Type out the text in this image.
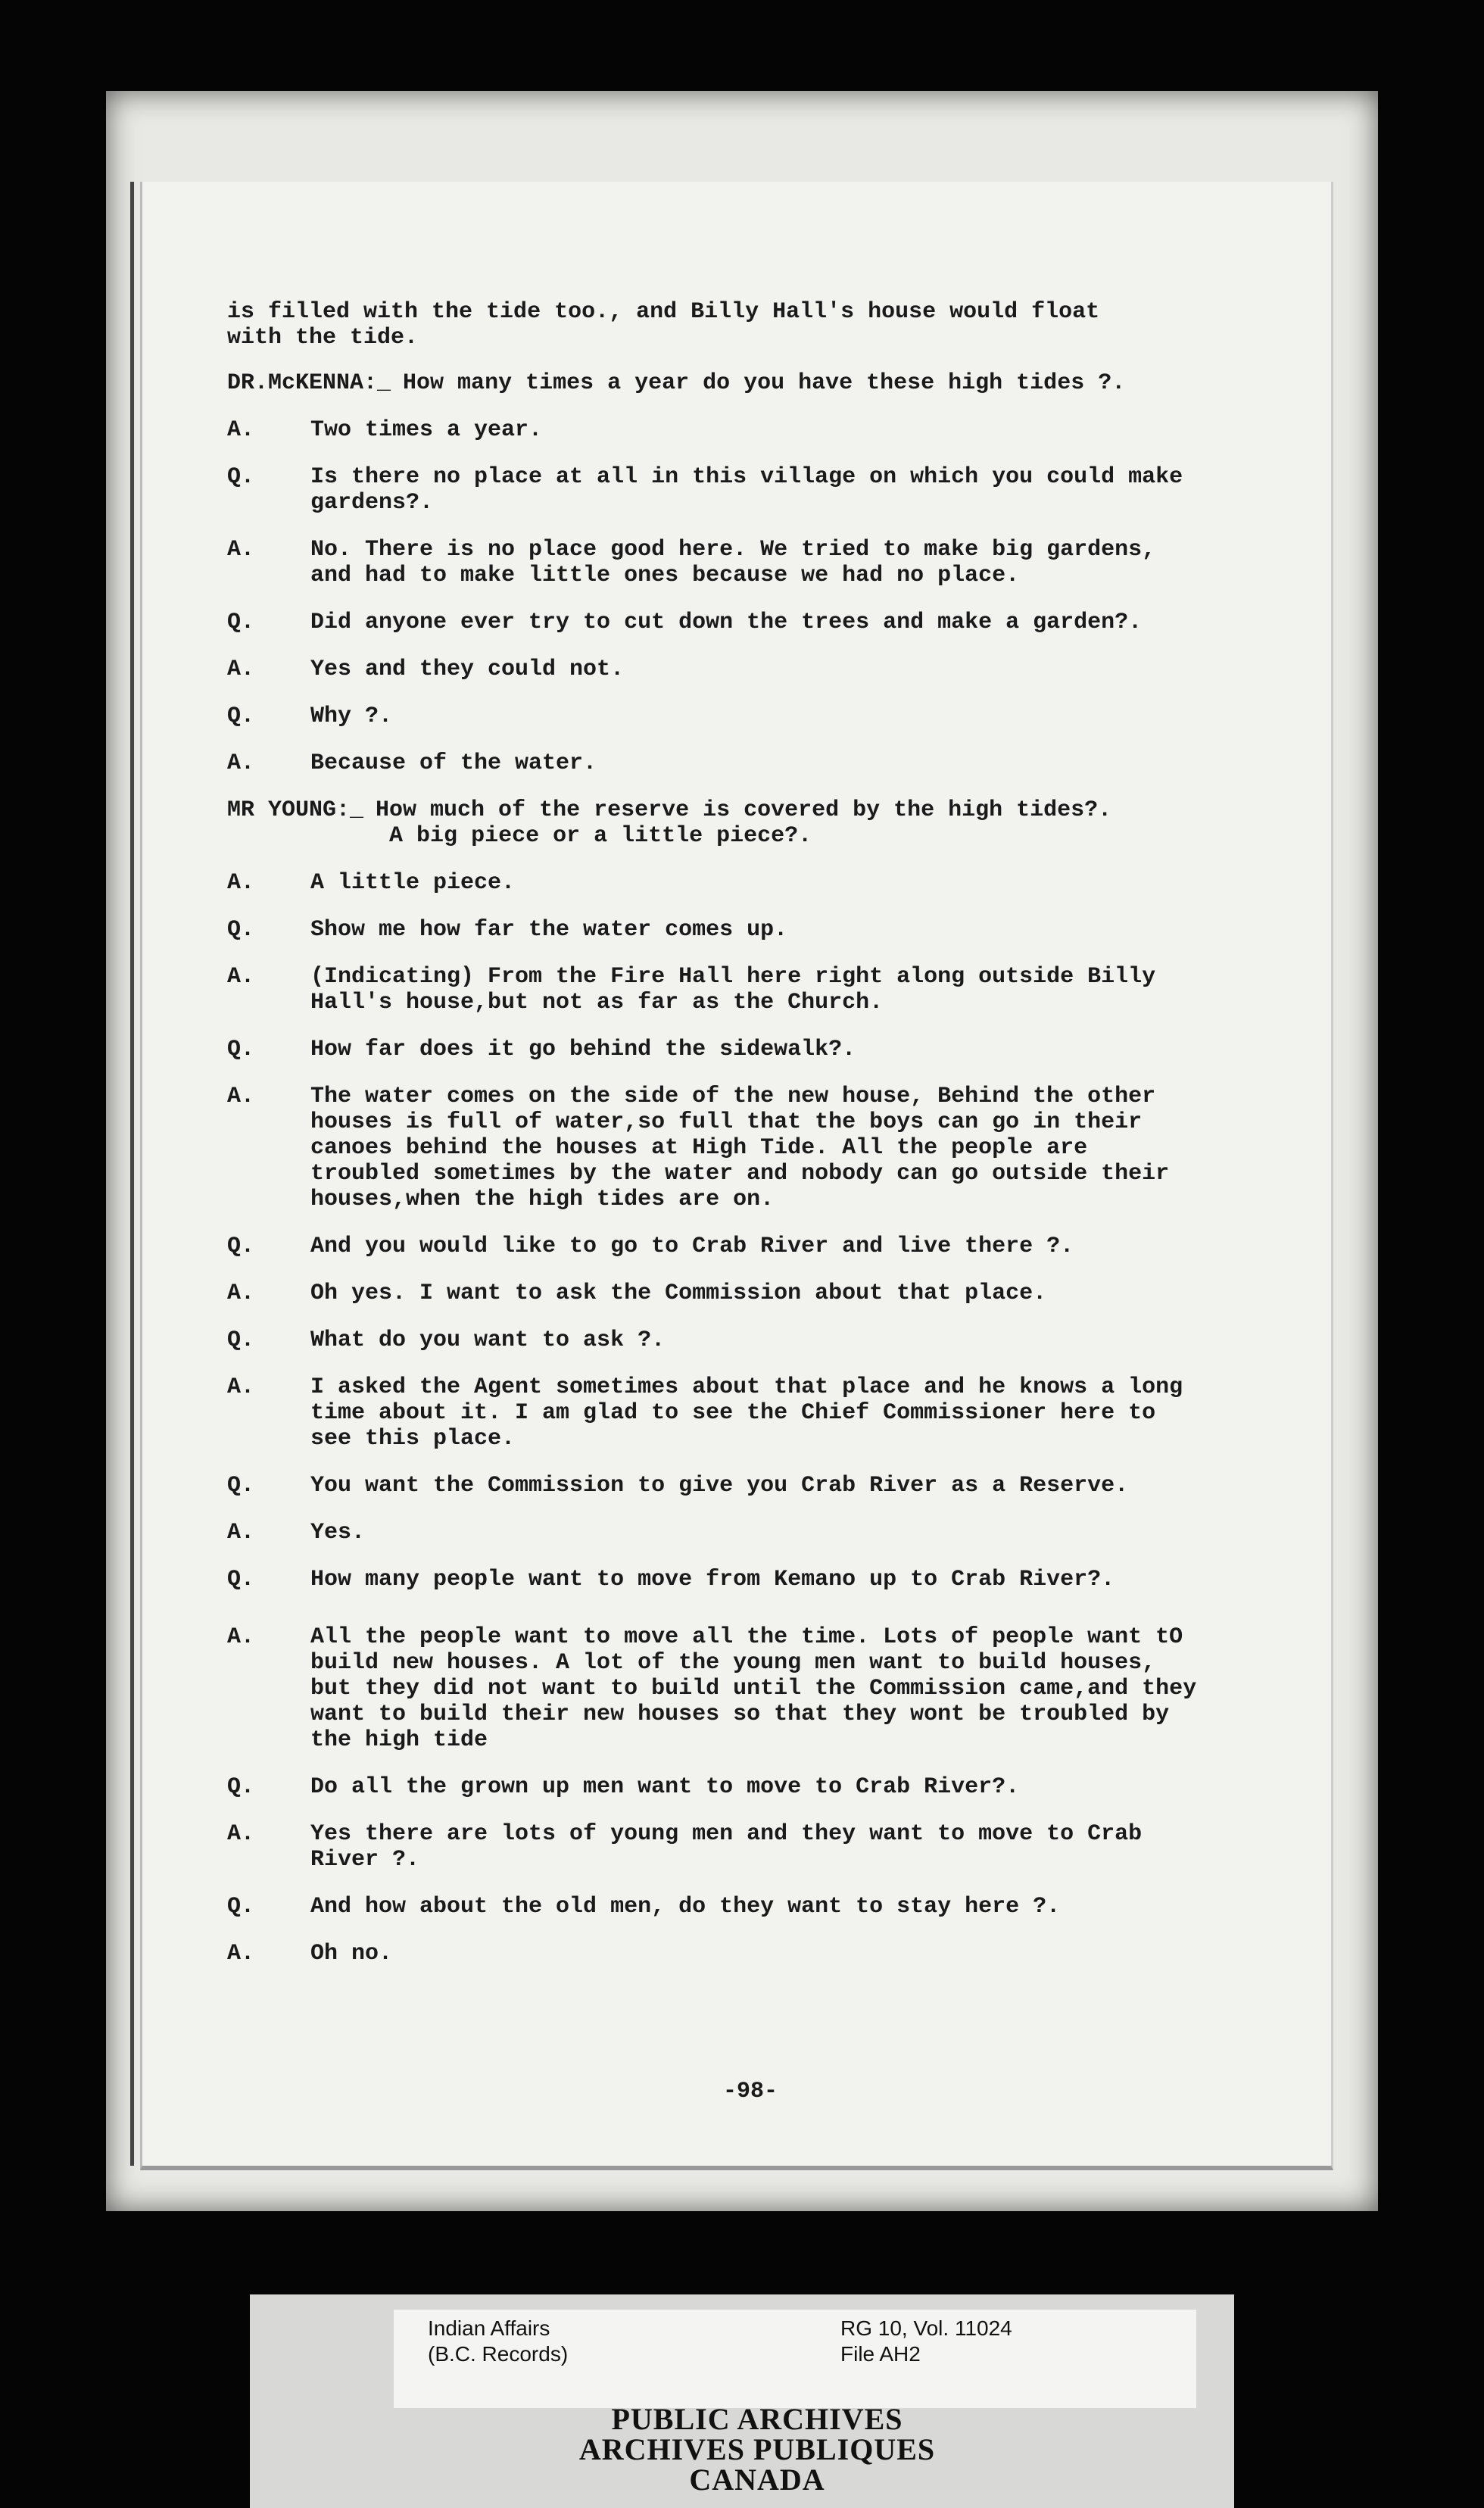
is filled with the tide too., and Billy Hall's house would float
with the tide.
DR.McKENNA:_ How many times a year do you have these high tides ?.
A.	Two times a year.
Q.	Is there no place at all in this village on which you could make
gardens?.
A.	No. There is no place good here. We tried to make big gardens,
and had to make little ones because we had no place.
Q.	Did anyone ever try to cut down the trees and make a garden?.
A.	Yes and they could not.
Q.	Why ?.
A.	Because of the water.
MR YOUNG:_ How much of the reserve is covered by the high tides?.
A big piece or a little piece?.
A.	A little piece.
Q.	Show me how far the water comes up.
A.	(Indicating) From the Fire Hall here right along outside Billy
Hall's house,but not as far as the Church.
Q.	How far does it go behind the sidewalk?.
A.	The water comes on the side of the new house, Behind the other
houses is full of water,so full that the boys can go in their
canoes behind the houses at High Tide. All the people are
troubled sometimes by the water and nobody can go outside their
houses,when the high tides are on.
Q.	And you would like to go to Crab River and live there ?.
A.	Oh yes. I want to ask the Commission about that place.
Q.	What do you want to ask ?.
A.	I asked the Agent sometimes about that place and he knows a long
time about it. I am glad to see the Chief Commissioner here to
see this place.
Q.	You want the Commission to give you Crab River as a Reserve.
A.	Yes.
Q.	How many people want to move from Kemano up to Crab River?.
A.	All the people want to move all the time. Lots of people want tO
build new houses. A lot of the young men want to build houses,
but they did not want to build until the Commission came,and they
want to build their new houses so that they wont be troubled by
the high tide
Q.	Do all the grown up men want to move to Crab River?.
A.	Yes there are lots of young men and they want to move to Crab
River ?.
Q.	And how about the old men, do they want to stay here ?.
A.	Oh no.
-98-
Indian Affairs
(B.C. Records)
RG 10, Vol. 11024
File AH2
PUBLIC ARCHIVES
ARCHIVES PUBLIQUES
CANADA
